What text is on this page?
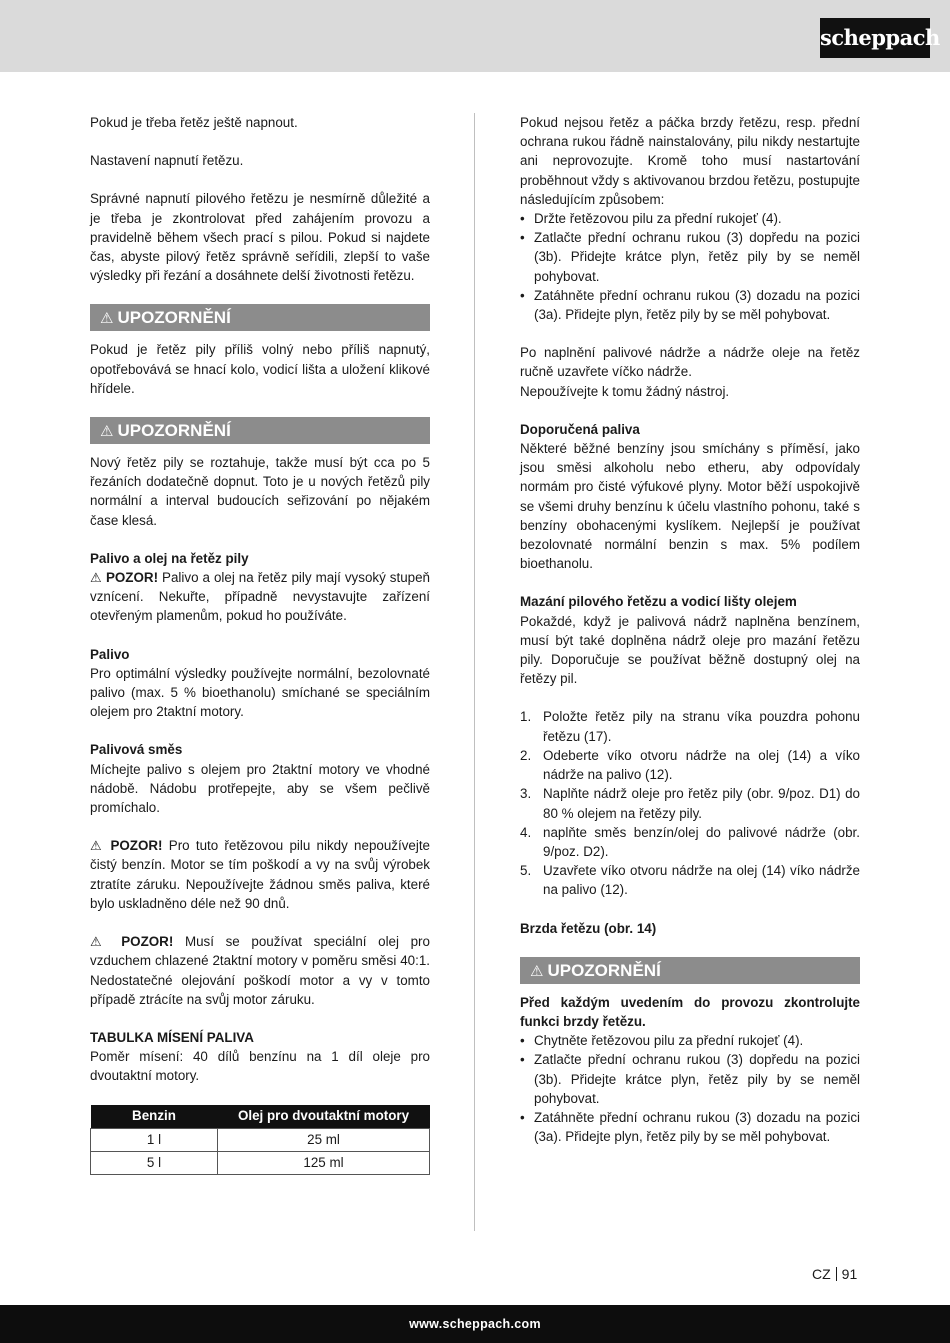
scheppach

Pokud je třeba řetěz ještě napnout.

Nastavení napnutí řetězu.

Správné napnutí pilového řetězu je nesmírně důležité a je třeba je zkontrolovat před zahájením provozu a pravidelně během všech prací s pilou. Pokud si najdete čas, abyste pilový řetěz správně seřídili, zlepší to vaše výsledky při řezání a dosáhnete delší životnosti řetězu.

⚠ UPOZORNĚNÍ

Pokud je řetěz pily příliš volný nebo příliš napnutý, opotřebovává se hnací kolo, vodicí lišta a uložení klikové hřídele.

⚠ UPOZORNĚNÍ

Nový řetěz pily se roztahuje, takže musí být cca po 5 řezáních dodatečně dopnut. Toto je u nových řetězů pily normální a interval budoucích seřizování po nějakém čase klesá.

Palivo a olej na řetěz pily

⚠ POZOR! Palivo a olej na řetěz pily mají vysoký stupeň vznícení. Nekuřte, případně nevystavujte zařízení otevřeným plamenům, pokud ho používáte.

Palivo

Pro optimální výsledky používejte normální, bezolovnaté palivo (max. 5 % bioethanolu) smíchané se speciálním olejem pro 2taktní motory.

Palivová směs

Míchejte palivo s olejem pro 2taktní motory ve vhodné nádobě. Nádobu protřepejte, aby se všem pečlivě promíchalo.

⚠ POZOR! Pro tuto řetězovou pilu nikdy nepoužívejte čistý benzín. Motor se tím poškodí a vy na svůj výrobek ztratíte záruku. Nepoužívejte žádnou směs paliva, které bylo uskladněno déle než 90 dnů.

⚠ POZOR! Musí se používat speciální olej pro vzduchem chlazené 2taktní motory v poměru směsi 40:1. Nedostatečné olejování poškodí motor a vy v tomto případě ztrácíte na svůj motor záruku.

TABULKA MÍSENÍ PALIVA

Poměr mísení: 40 dílů benzínu na 1 díl oleje pro dvoutaktní motory.

Benzin	Olej pro dvoutaktní motory
1 l	25 ml
5 l	125 ml

Pokud nejsou řetěz a páčka brzdy řetězu, resp. přední ochrana rukou řádně nainstalovány, pilu nikdy nestartujte ani neprovozujte. Kromě toho musí nastartování proběhnout vždy s aktivovanou brzdou řetězu, postupujte následujícím způsobem:

• Držte řetězovou pilu za přední rukojeť (4).
• Zatlačte přední ochranu rukou (3) dopředu na pozici (3b). Přidejte krátce plyn, řetěz pily by se neměl pohybovat.
• Zatáhněte přední ochranu rukou (3) dozadu na pozici (3a). Přidejte plyn, řetěz pily by se měl pohybovat.

Po naplnění palivové nádrže a nádrže oleje na řetěz ručně uzavřete víčko nádrže.

Nepoužívejte k tomu žádný nástroj.

Doporučená paliva

Některé běžné benzíny jsou smíchány s příměsí, jako jsou směsi alkoholu nebo etheru, aby odpovídaly normám pro čisté výfukové plyny. Motor běží uspokojivě se všemi druhy benzínu k účelu vlastního pohonu, také s benzíny obohacenými kyslíkem. Nejlepší je používat bezolovnaté normální benzin s max. 5% podílem bioethanolu.

Mazání pilového řetězu a vodicí lišty olejem

Pokaždé, když je palivová nádrž naplněna benzínem, musí být také doplněna nádrž oleje pro mazání řetězu pily. Doporučuje se používat běžně dostupný olej na řetězy pil.

1. Položte řetěz pily na stranu víka pouzdra pohonu řetězu (17).
2. Odeberte víko otvoru nádrže na olej (14) a víko nádrže na palivo (12).
3. Naplňte nádrž oleje pro řetěz pily (obr. 9/poz. D1) do 80 % olejem na řetězy pily.
4. naplňte směs benzín/olej do palivové nádrže (obr. 9/poz. D2).
5. Uzavřete víko otvoru nádrže na olej (14) víko nádrže na palivo (12).

Brzda řetězu (obr. 14)

⚠ UPOZORNĚNÍ

Před každým uvedením do provozu zkontrolujte funkci brzdy řetězu.

• Chytněte řetězovou pilu za přední rukojeť (4).
• Zatlačte přední ochranu rukou (3) dopředu na pozici (3b). Přidejte krátce plyn, řetěz pily by se neměl pohybovat.
• Zatáhněte přední ochranu rukou (3) dozadu na pozici (3a). Přidejte plyn, řetěz pily by se měl pohybovat.
CZ 91
www.scheppach.com
